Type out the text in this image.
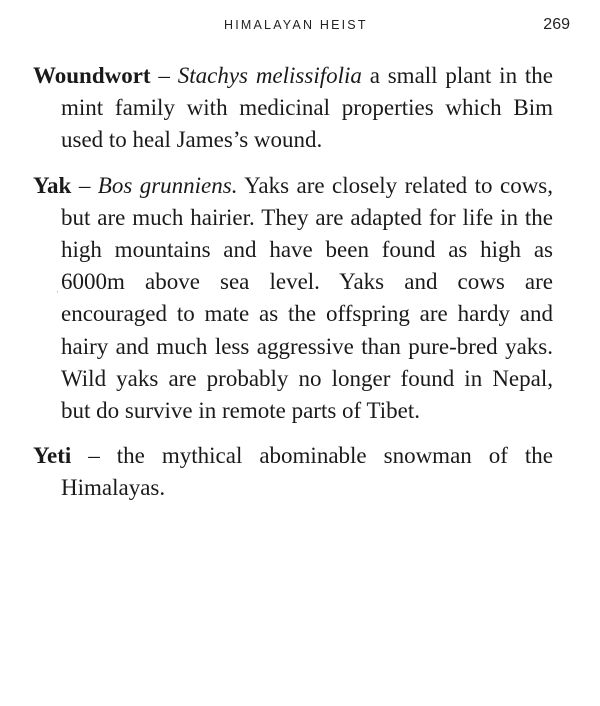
HIMALAYAN HEIST	269

Woundwort – Stachys melissifolia a small plant in the mint family with medicinal properties which Bim used to heal James’s wound.

Yak – Bos grunniens. Yaks are closely related to cows, but are much hairier. They are adapted for life in the high mountains and have been found as high as 6000m above sea level. Yaks and cows are encouraged to mate as the offspring are hardy and hairy and much less aggressive than pure-bred yaks. Wild yaks are probably no longer found in Nepal, but do survive in remote parts of Tibet.

Yeti – the mythical abominable snowman of the Himalayas.

ˌ
